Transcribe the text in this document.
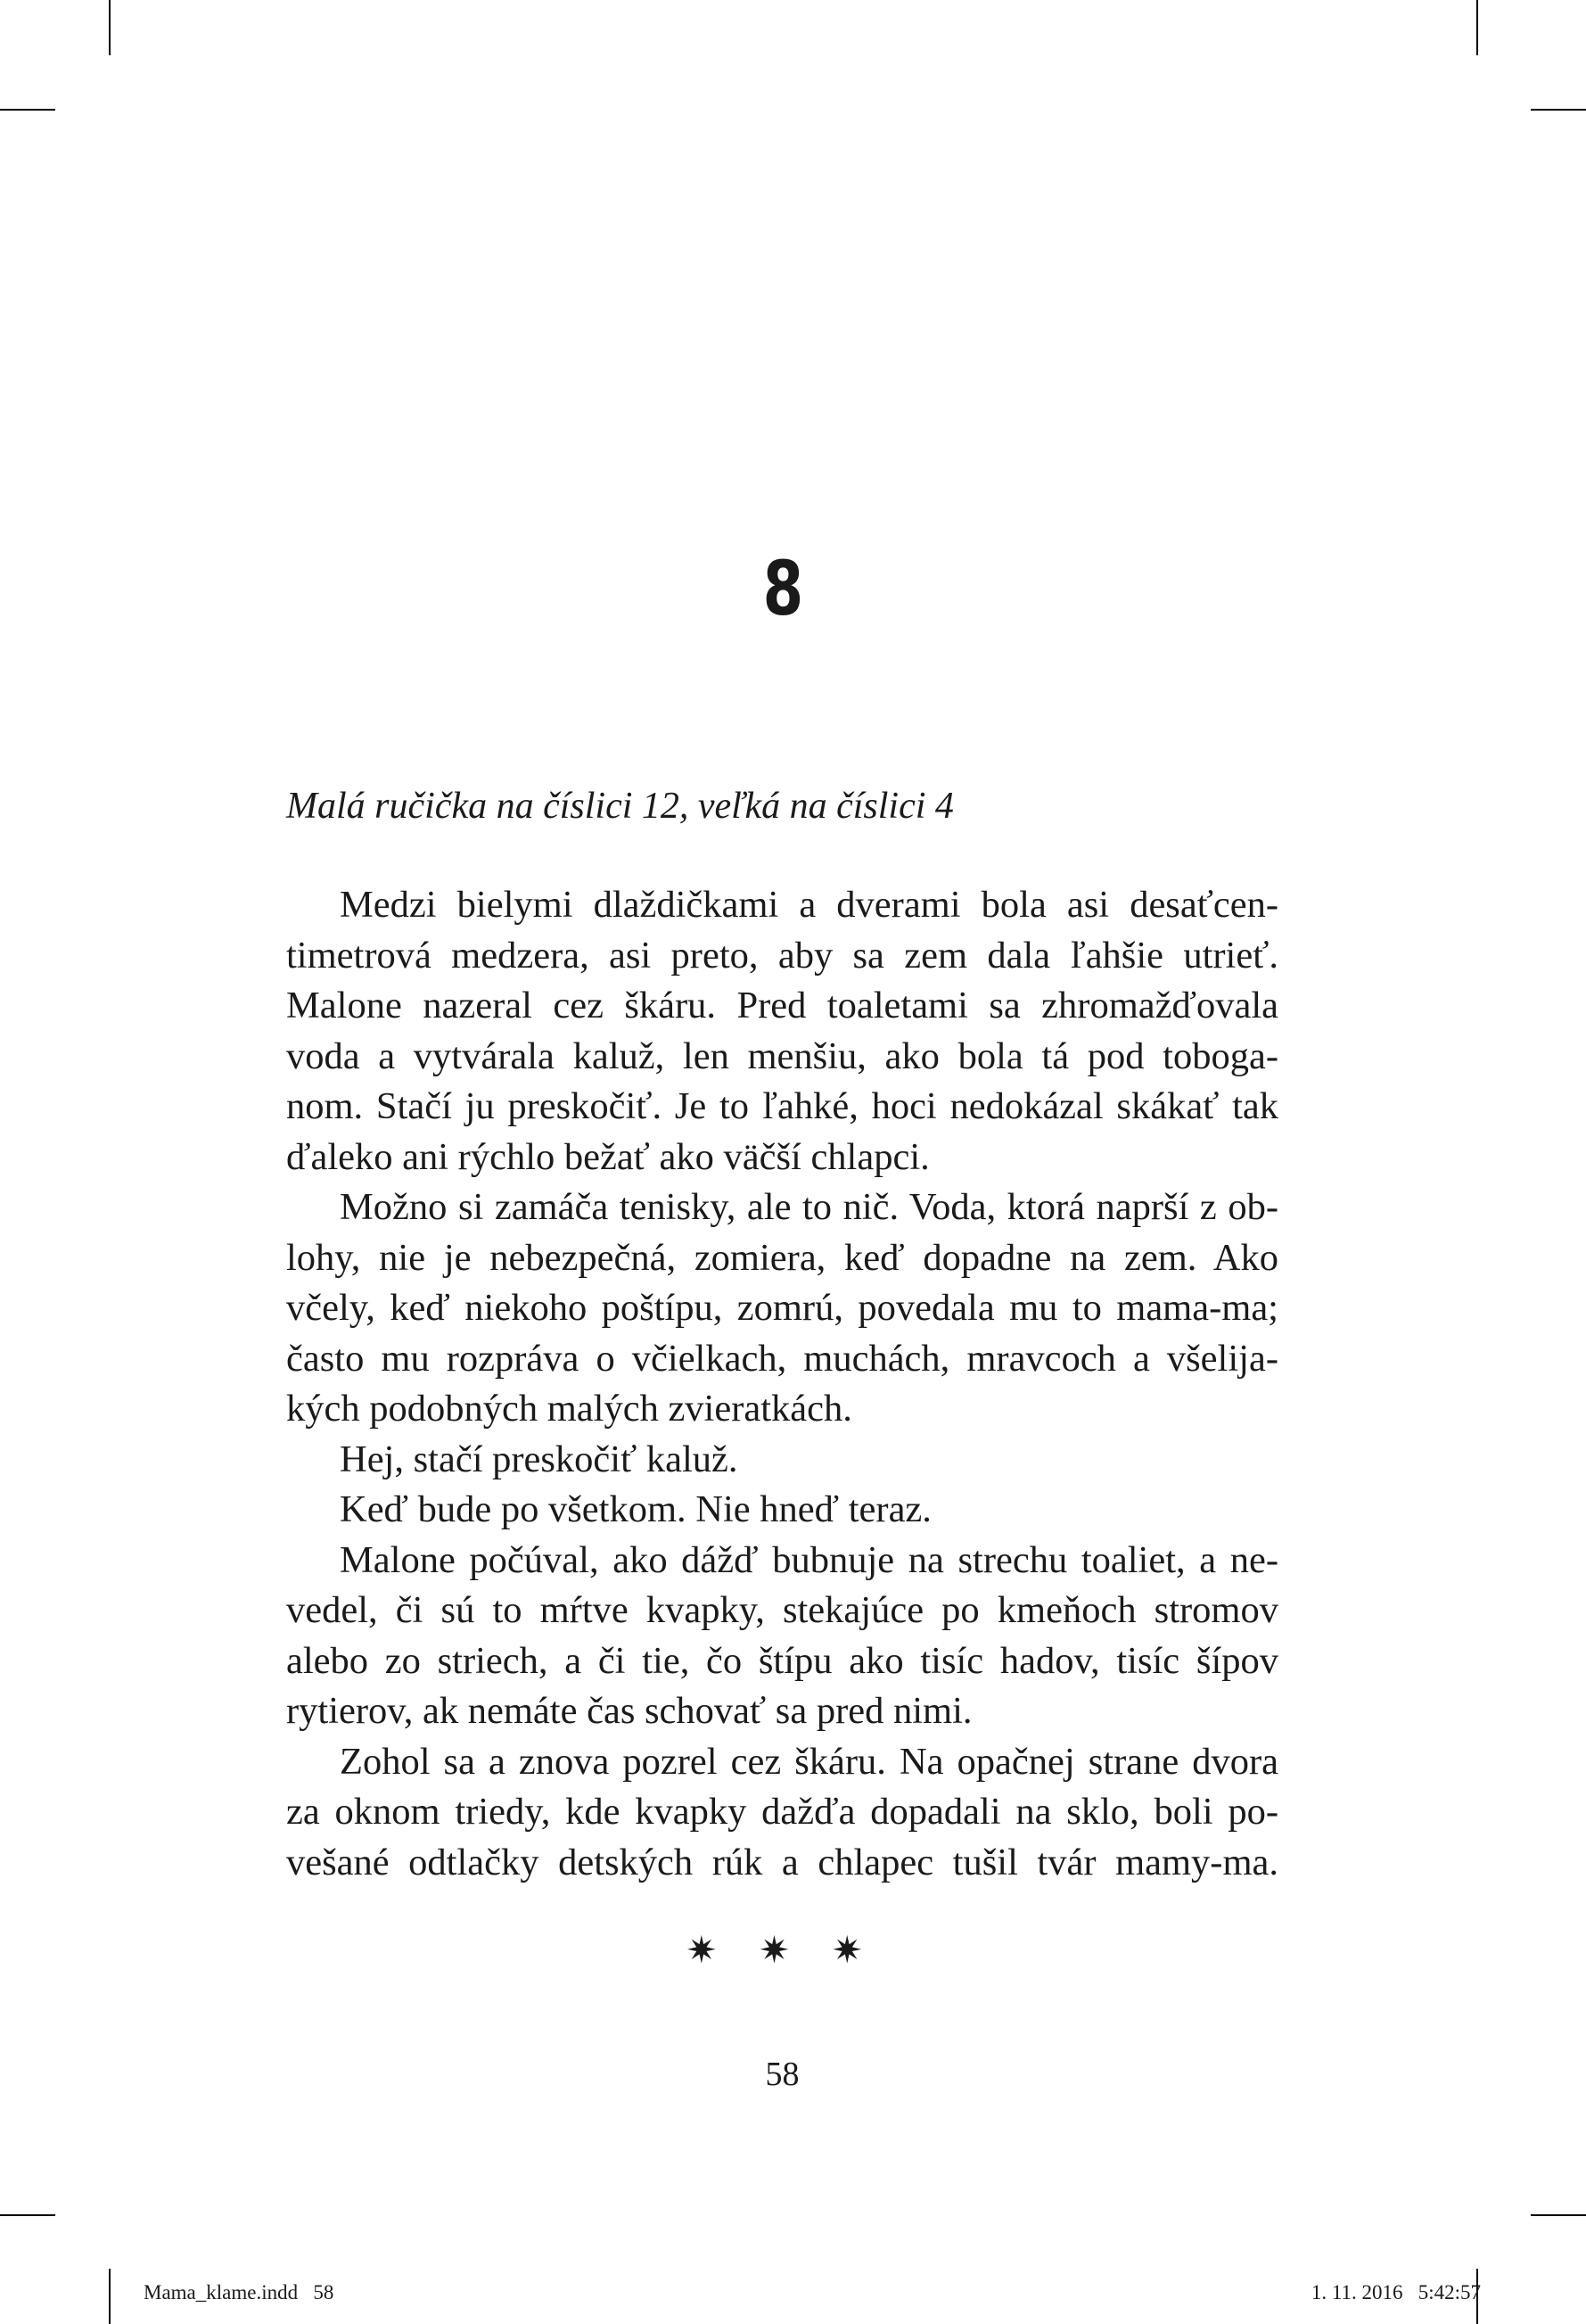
8
Malá ručička na číslici 12, veľká na číslici 4
Medzi bielymi dlaždičkami a dverami bola asi desaťcen-
timetrová medzera, asi preto, aby sa zem dala ľahšie utrieť.
Malone nazeral cez škáru. Pred toaletami sa zhromažďovala
voda a vytvárala kaluž, len menšiu, ako bola tá pod toboga-
nom. Stačí ju preskočiť. Je to ľahké, hoci nedokázal skákať tak
ďaleko ani rýchlo bežať ako väčší chlapci.
Možno si zamáča tenisky, ale to nič. Voda, ktorá naprší z ob-
lohy, nie je nebezpečná, zomiera, keď dopadne na zem. Ako
včely, keď niekoho poštípu, zomrú, povedala mu to mama-ma;
často mu rozpráva o včielkach, muchách, mravcoch a všelija-
kých podobných malých zvieratkách.
Hej, stačí preskočiť kaluž.
Keď bude po všetkom. Nie hneď teraz.
Malone počúval, ako dážď bubnuje na strechu toaliet, a ne-
vedel, či sú to mŕtve kvapky, stekajúce po kmeňoch stromov
alebo zo striech, a či tie, čo štípu ako tisíc hadov, tisíc šípov
rytierov, ak nemáte čas schovať sa pred nimi.
Zohol sa a znova pozrel cez škáru. Na opačnej strane dvora
za oknom triedy, kde kvapky dažďa dopadali na sklo, boli po-
vešané odtlačky detských rúk a chlapec tušil tvár mamy-ma.
✷ ✷ ✷
58
Mama_klame.indd   58	1. 11. 2016   5:42:57
